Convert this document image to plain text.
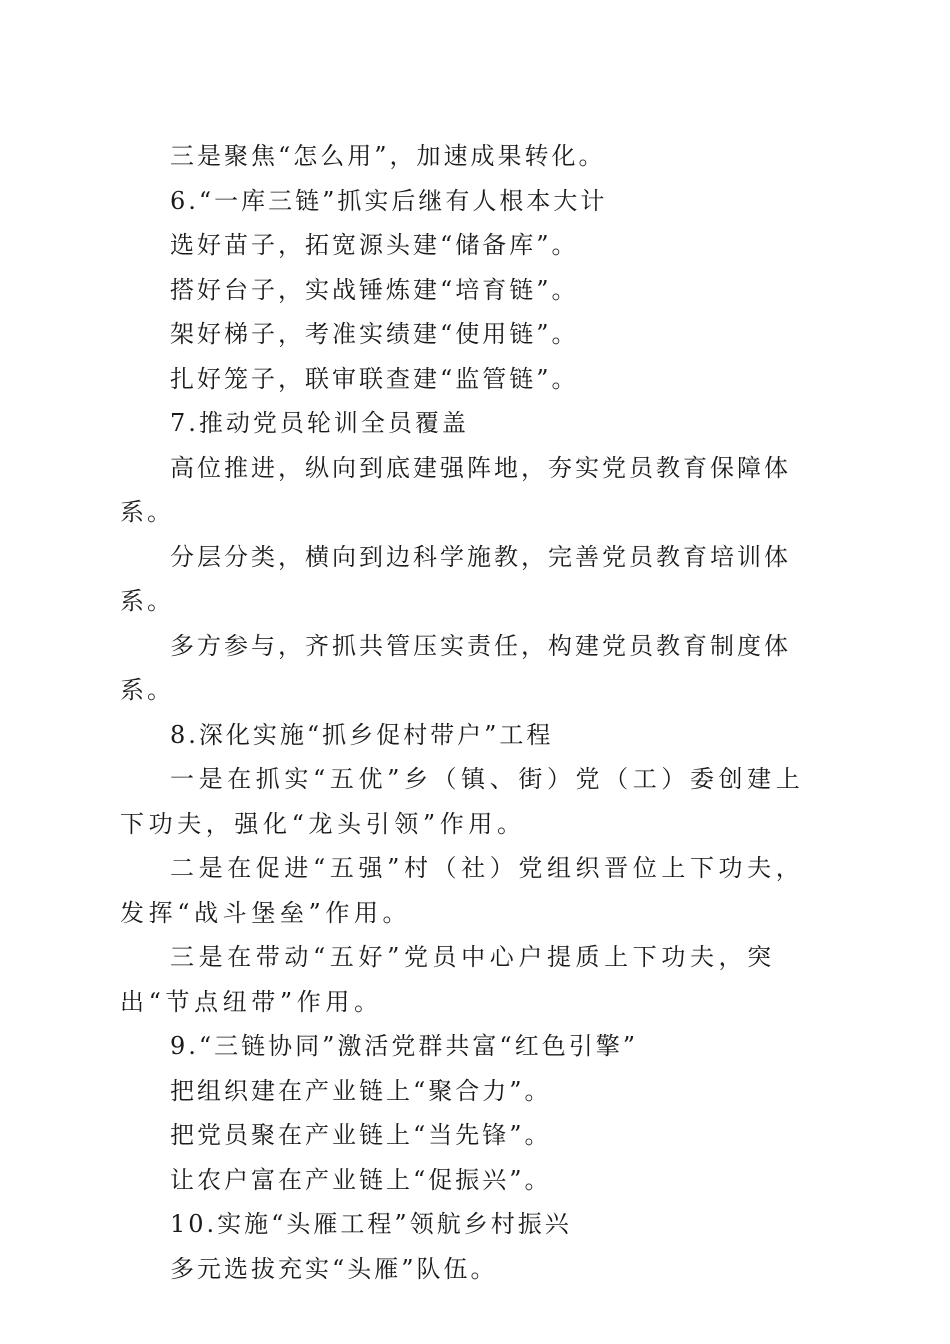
三是聚焦“怎么用”，加速成果转化。

6.“一库三链”抓实后继有人根本大计

选好苗子，拓宽源头建“储备库”。

搭好台子，实战锤炼建“培育链”。

架好梯子，考准实绩建“使用链”。

扎好笼子，联审联查建“监管链”。

7.推动党员轮训全员覆盖

高位推进，纵向到底建强阵地，夯实党员教育保障体系。

分层分类，横向到边科学施教，完善党员教育培训体系。

多方参与，齐抓共管压实责任，构建党员教育制度体系。

8.深化实施“抓乡促村带户”工程

一是在抓实“五优”乡（镇、街）党（工）委创建上下功夫，强化“龙头引领”作用。

二是在促进“五强”村（社）党组织晋位上下功夫，发挥“战斗堡垒”作用。

三是在带动“五好”党员中心户提质上下功夫，突出“节点纽带”作用。

9.“三链协同”激活党群共富“红色引擎”

把组织建在产业链上“聚合力”。

把党员聚在产业链上“当先锋”。

让农户富在产业链上“促振兴”。

10.实施“头雁工程”领航乡村振兴

多元选拔充实“头雁”队伍。
